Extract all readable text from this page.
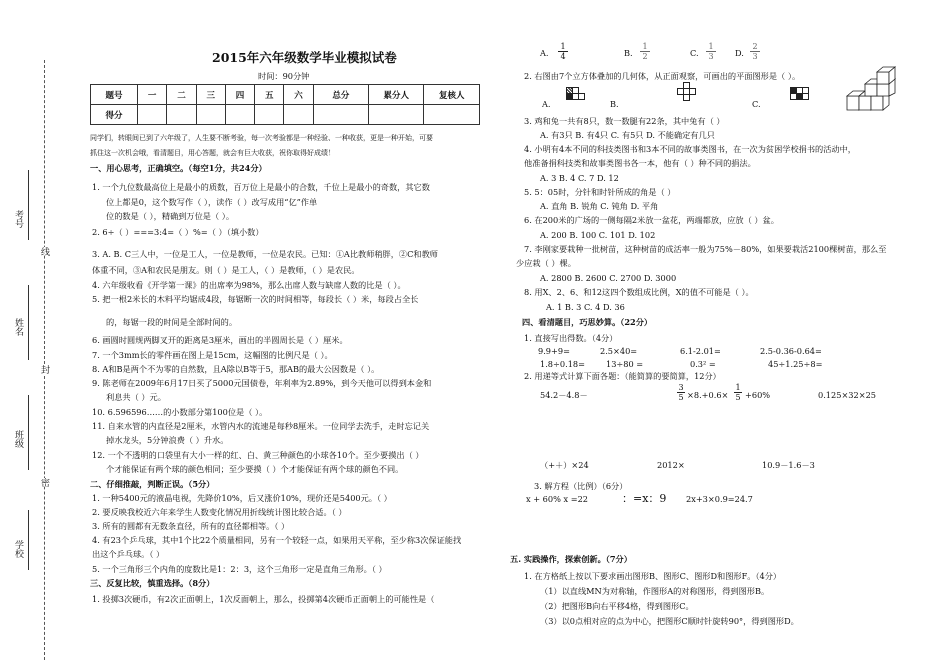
考号
姓名
班级
学校
线
封
密
2015年六年级数学毕业模拟试卷
时间：90分钟
题号	一	二	三	四	五	六	总分	累分人	复核人
得分									
同学们，转眼间已到了六年级了，人生要不断考验，每一次考验都是一种经验、一种收获，更是一种开始，可要
抓住这一次机会哦，看清题目，用心答题，就会有巨大收获，祝你取得好成绩！
一、用心思考，正确填空。（每空1分，共24分）
1. 一个九位数最高位上是最小的质数，百万位上是最小的合数，千位上是最小的奇数，其它数
位上都是0，这个数写作（ ），读作（ ）改写成用“亿”作单
位的数是（ ），精确到万位是（ ）。
2. 6÷（ ）===3:4=（ ）%=（ ）（填小数）
3. A. B. C三人中，一位是工人，一位是教师，一位是农民。已知：①A比教师稍胖，②C和教师
体重不同，③A和农民是朋友。则（ ）是工人，（ ）是教师，（ ）是农民。
4. 六年级收看《开学第一课》的出席率为98%，那么出席人数与缺席人数的比是（ ）。
5. 把一根2米长的木料平均锯成4段，每锯断一次的时间相等，每段长（ ）米，每段占全长
的，每锯一段的时间是全部时间的。
6. 画圆时圆规两脚叉开的距离是3厘米，画出的半圆周长是（ ）厘米。
7. 一个3mm长的零件画在图上是15cm，这幅图的比例尺是（ ）。
8. A和B是两个不为零的自然数，且A除以B等于5，那AB的最大公因数是（ ）。
9. 陈老师在2009年6月17日买了5000元国债卷，年利率为2.89%，到今天他可以得到本金和
利息共（ ）元。
10. 6.596596……的小数部分第100位是（ ）。
11. 自来水管的内直径是2厘米，水管内水的流速是每秒8厘米。一位同学去洗手，走时忘记关
掉水龙头，5分钟浪费（ ）升水。
12. 一个不透明的口袋里有大小一样的红、白、黄三种颜色的小球各10个。至少要摸出（ ）
个才能保证有两个球的颜色相同；至少要摸（ ）个才能保证有两个球的颜色不同。
二、仔细推敲，判断正误。（5分）
1. 一种5400元的液晶电视，先降价10%，后又涨价10%，现价还是5400元。（ ）
2. 要反映我校近六年来学生人数变化情况用折线统计图比较合适。（ ）
3. 所有的圆都有无数条直径，所有的直径都相等。（ ）
4. 有23个乒乓球，其中1个比22个质量相同，另有一个较轻一点，如果用天平称，至少称3次保证能找
出这个乒乓球。（ ）
5. 一个三角形三个内角的度数比是1：2：3，这个三角形一定是直角三角形。（ ）
三、反复比较，慎重选择。（8分）
1. 投掷3次硬币，有2次正面朝上，1次反面朝上，那么，投掷第4次硬币正面朝上的可能性是（
A.
1
4	B.
1
2	C.
1
3	D.
2
3
2. 右图由7个立方体叠加的几何体，从正面观察，可画出的平面图形是（ ）。
A.	B.	C.
3. 鸡和兔一共有8只，数一数腿有22条，其中兔有（ ）
A. 有3只 B. 有4只 C. 有5只 D. 不能确定有几只
4. 小明有4本不同的科技类图书和3本不同的故事类图书，在一次为贫困学校捐书的活动中，
他准备捐科技类和故事类图书各一本，他有（ ）种不同的捐法。
A. 3 B. 4 C. 7 D. 12
5. 5：05时，分针和时针所成的角是（ ）
A. 直角 B. 锐角 C. 钝角 D. 平角
6. 在200米的广场的一侧每隔2米放一盆花，两端都放，应放（ ）盆。
A. 200 B. 100 C. 101 D. 102
7. 李刚家要栽种一批树苗，这种树苗的成活率一般为75%－80%，如果要栽活2100棵树苗，那么至
少应栽（ ）棵。
A. 2800 B. 2600 C. 2700 D. 3000
8. 用X、2、6、和12这四个数组成比例，X的值不可能是（ ）。
A. 1 B. 3 C. 4 D. 36
四、看清题目，巧思妙算。（22分）
1. 直接写出得数。（4分）
9.9+9=	2.5×40=	6.1-2.01=	2.5-0.36-0.64=
1.8÷0.18=	13÷80 =	0.3² =	45÷1.25÷8=
2. 用递等式计算下面各题：（能简算的要简算，12分）
54.2－4.8－
3
5 ×8.+0.6×
1
5 +60%	0.125×32×25
（+＋）×24	2012×	10.9－1.6－3
3. 解方程（比例）（6分）
x + 60% x =22	：=x：9 2x+3×0.9=24.7
五. 实践操作，探索创新。（7分）
1. 在方格纸上按以下要求画出图形B、图形C、图形D和图形F。（4分）
（1）以直线MN为对称轴，作图形A的对称图形，得到图形B。
（2）把图形B向右平移4格，得到图形C。
（3）以0点相对应的点为中心，把图形C顺时针旋转90°，得到图形D。
